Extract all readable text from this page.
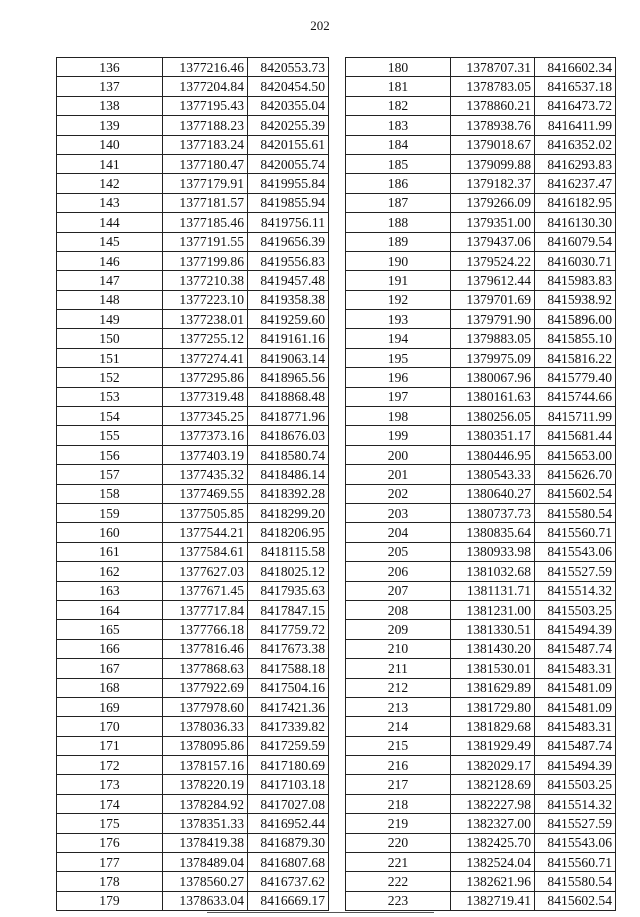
202
136	1377216.46	8420553.73
137	1377204.84	8420454.50
138	1377195.43	8420355.04
139	1377188.23	8420255.39
140	1377183.24	8420155.61
141	1377180.47	8420055.74
142	1377179.91	8419955.84
143	1377181.57	8419855.94
144	1377185.46	8419756.11
145	1377191.55	8419656.39
146	1377199.86	8419556.83
147	1377210.38	8419457.48
148	1377223.10	8419358.38
149	1377238.01	8419259.60
150	1377255.12	8419161.16
151	1377274.41	8419063.14
152	1377295.86	8418965.56
153	1377319.48	8418868.48
154	1377345.25	8418771.96
155	1377373.16	8418676.03
156	1377403.19	8418580.74
157	1377435.32	8418486.14
158	1377469.55	8418392.28
159	1377505.85	8418299.20
160	1377544.21	8418206.95
161	1377584.61	8418115.58
162	1377627.03	8418025.12
163	1377671.45	8417935.63
164	1377717.84	8417847.15
165	1377766.18	8417759.72
166	1377816.46	8417673.38
167	1377868.63	8417588.18
168	1377922.69	8417504.16
169	1377978.60	8417421.36
170	1378036.33	8417339.82
171	1378095.86	8417259.59
172	1378157.16	8417180.69
173	1378220.19	8417103.18
174	1378284.92	8417027.08
175	1378351.33	8416952.44
176	1378419.38	8416879.30
177	1378489.04	8416807.68
178	1378560.27	8416737.62
179	1378633.04	8416669.17
180	1378707.31	8416602.34
181	1378783.05	8416537.18
182	1378860.21	8416473.72
183	1378938.76	8416411.99
184	1379018.67	8416352.02
185	1379099.88	8416293.83
186	1379182.37	8416237.47
187	1379266.09	8416182.95
188	1379351.00	8416130.30
189	1379437.06	8416079.54
190	1379524.22	8416030.71
191	1379612.44	8415983.83
192	1379701.69	8415938.92
193	1379791.90	8415896.00
194	1379883.05	8415855.10
195	1379975.09	8415816.22
196	1380067.96	8415779.40
197	1380161.63	8415744.66
198	1380256.05	8415711.99
199	1380351.17	8415681.44
200	1380446.95	8415653.00
201	1380543.33	8415626.70
202	1380640.27	8415602.54
203	1380737.73	8415580.54
204	1380835.64	8415560.71
205	1380933.98	8415543.06
206	1381032.68	8415527.59
207	1381131.71	8415514.32
208	1381231.00	8415503.25
209	1381330.51	8415494.39
210	1381430.20	8415487.74
211	1381530.01	8415483.31
212	1381629.89	8415481.09
213	1381729.80	8415481.09
214	1381829.68	8415483.31
215	1381929.49	8415487.74
216	1382029.17	8415494.39
217	1382128.69	8415503.25
218	1382227.98	8415514.32
219	1382327.00	8415527.59
220	1382425.70	8415543.06
221	1382524.04	8415560.71
222	1382621.96	8415580.54
223	1382719.41	8415602.54
